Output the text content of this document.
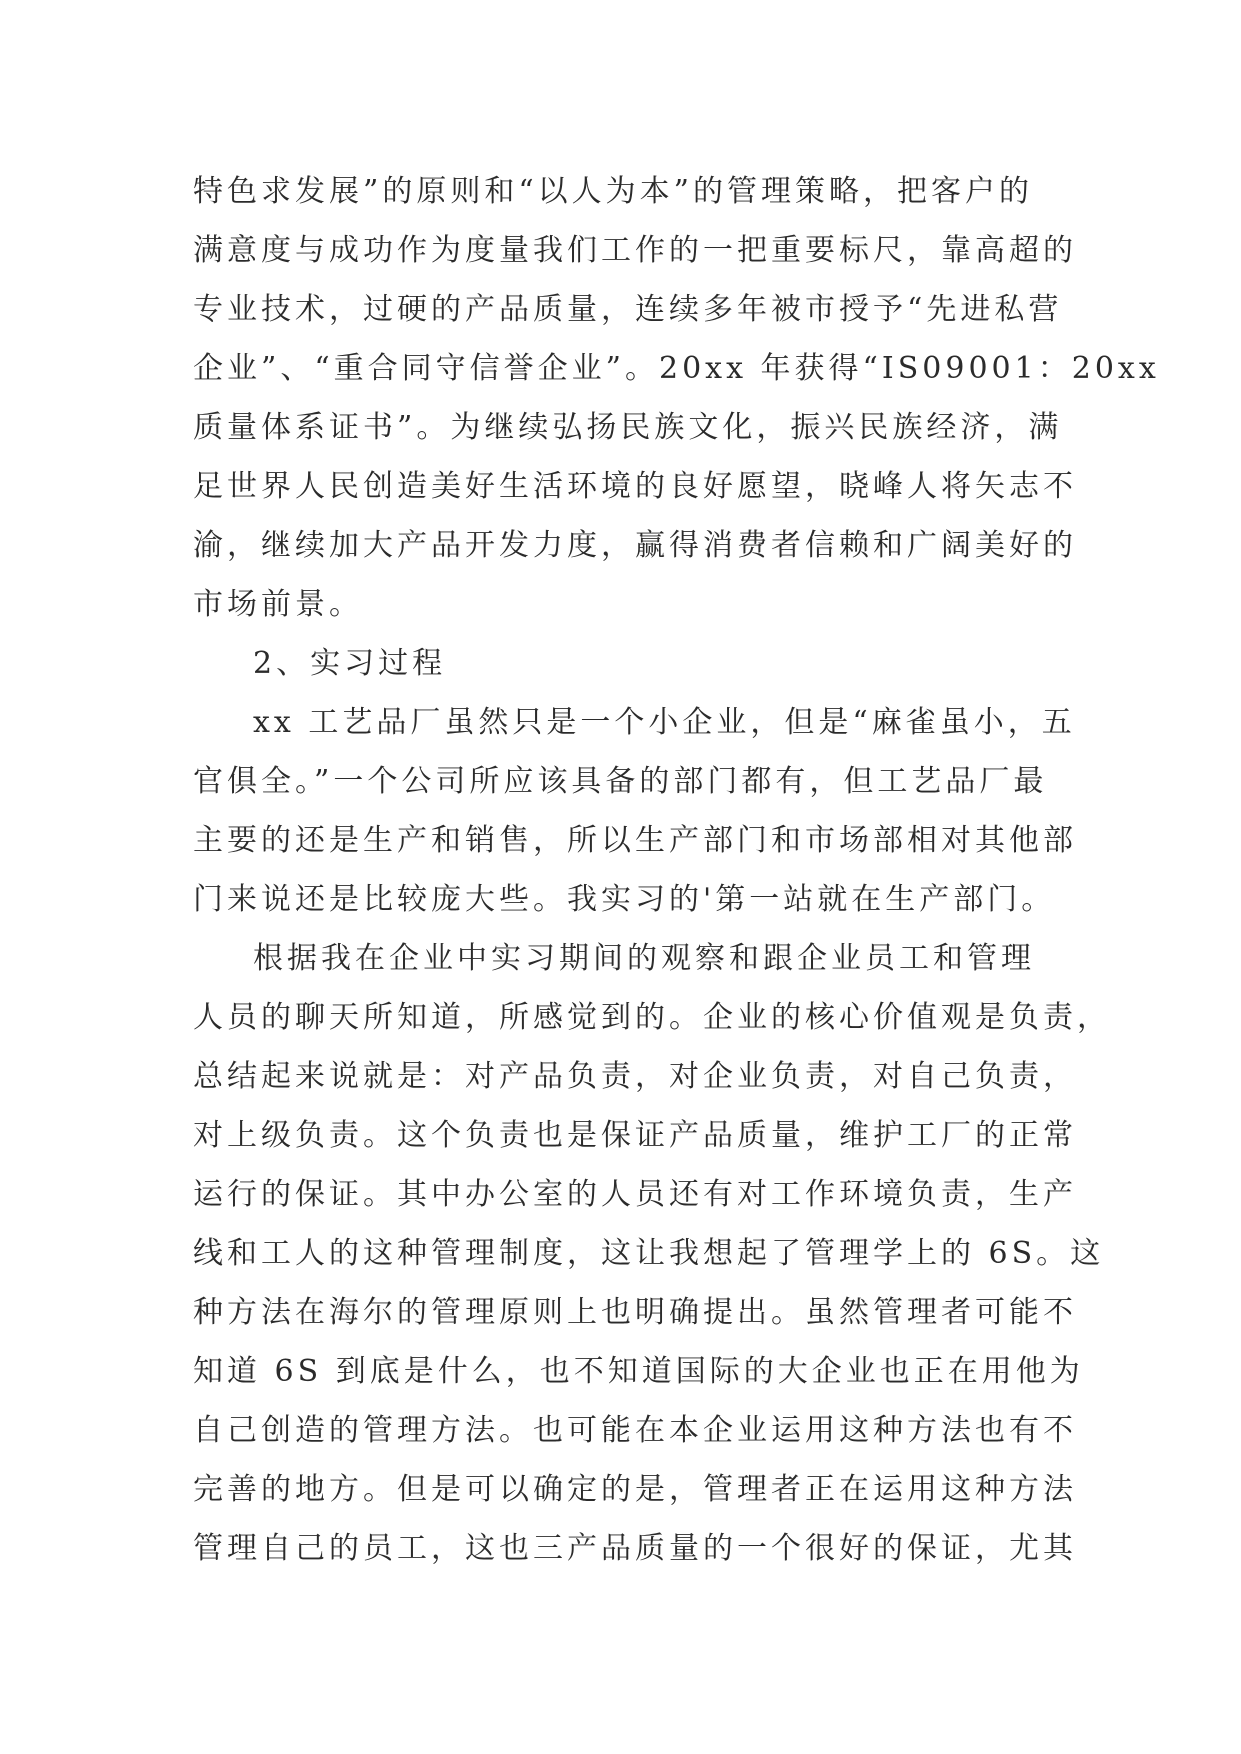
特色求发展”的原则和“以人为本”的管理策略，把客户的
满意度与成功作为度量我们工作的一把重要标尺，靠高超的
专业技术，过硬的产品质量，连续多年被市授予“先进私营
企业”、“重合同守信誉企业”。20xx 年获得“IS09001：20xx
质量体系证书”。为继续弘扬民族文化，振兴民族经济，满
足世界人民创造美好生活环境的良好愿望，晓峰人将矢志不
渝，继续加大产品开发力度，赢得消费者信赖和广阔美好的
市场前景。
2、实习过程
xx 工艺品厂虽然只是一个小企业，但是“麻雀虽小，五
官俱全。”一个公司所应该具备的部门都有，但工艺品厂最
主要的还是生产和销售，所以生产部门和市场部相对其他部
门来说还是比较庞大些。我实习的'第一站就在生产部门。
根据我在企业中实习期间的观察和跟企业员工和管理
人员的聊天所知道，所感觉到的。企业的核心价值观是负责，
总结起来说就是：对产品负责，对企业负责，对自己负责，
对上级负责。这个负责也是保证产品质量，维护工厂的正常
运行的保证。其中办公室的人员还有对工作环境负责，生产
线和工人的这种管理制度，这让我想起了管理学上的 6S。这
种方法在海尔的管理原则上也明确提出。虽然管理者可能不
知道 6S 到底是什么，也不知道国际的大企业也正在用他为
自己创造的管理方法。也可能在本企业运用这种方法也有不
完善的地方。但是可以确定的是，管理者正在运用这种方法
管理自己的员工，这也三产品质量的一个很好的保证，尤其
